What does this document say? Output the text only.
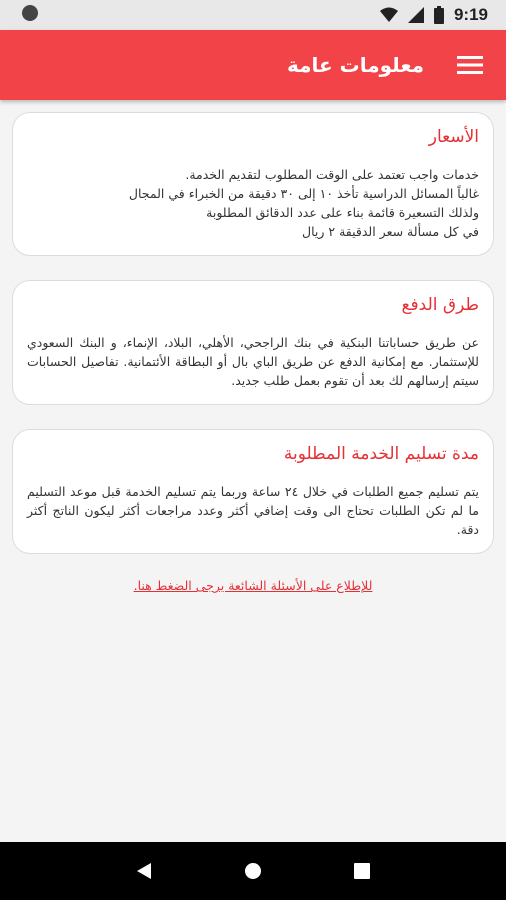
9:19
معلومات عامة
الأسعار
خدمات واجب تعتمد على الوقت المطلوب لتقديم الخدمة.
غالباً المسائل الدراسية تأخذ ١٠ إلى ٣٠ دقيقة من الخبراء في المجال
ولذلك التسعيرة قائمة بناء على عدد الدقائق المطلوبة
في كل مسألة سعر الدقيقة ٢ ريال
طرق الدفع
عن طريق حساباتنا البنكية في بنك الراجحي، الأهلي، البلاد، الإنماء، و البنك السعودي للإستثمار. مع إمكانية الدفع عن طريق الباي بال أو البطاقة الأئتمانية. تفاصيل الحسابات سيتم إرسالهم لك بعد أن تقوم بعمل طلب جديد.
مدة تسليم الخدمة المطلوبة
يتم تسليم جميع الطلبات في خلال ٢٤ ساعة وربما يتم تسليم الخدمة قبل موعد التسليم ما لم تكن الطلبات تحتاج الى وقت إضافي أكثر وعدد مراجعات أكثر ليكون الناتج أكثر دقة.
للإطلاع على الأسئلة الشائعة يرجى الضغط هنا.
